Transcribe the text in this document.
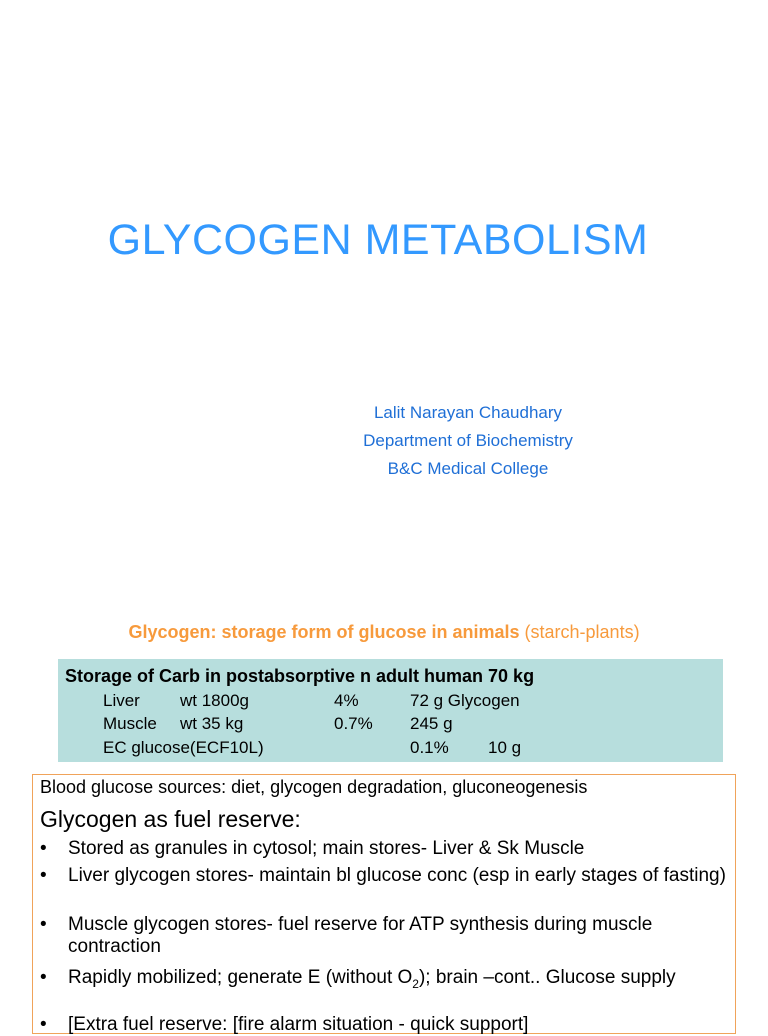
GLYCOGEN METABOLISM
Lalit Narayan Chaudhary
Department of Biochemistry
B&C Medical College
Glycogen: storage form of glucose in animals (starch-plants)
Storage of Carb in postabsorptive n adult human 70 kg
Liver wt 1800g	4%	72 g Glycogen
Muscle wt 35 kg	0.7% 245 g
EC glucose(ECF10L)	0.1% 10 g
Blood glucose sources: diet, glycogen degradation, gluconeogenesis
Glycogen as fuel reserve:
• Stored as granules in cytosol; main stores- Liver & Sk Muscle
• Liver glycogen stores- maintain bl glucose conc (esp in early stages of fasting)
• Muscle glycogen stores- fuel reserve for ATP synthesis during muscle contraction
• Rapidly mobilized; generate E (without $O_2$); brain –cont.. Glucose supply
• [Extra fuel reserve: [fire alarm situation - quick support]
